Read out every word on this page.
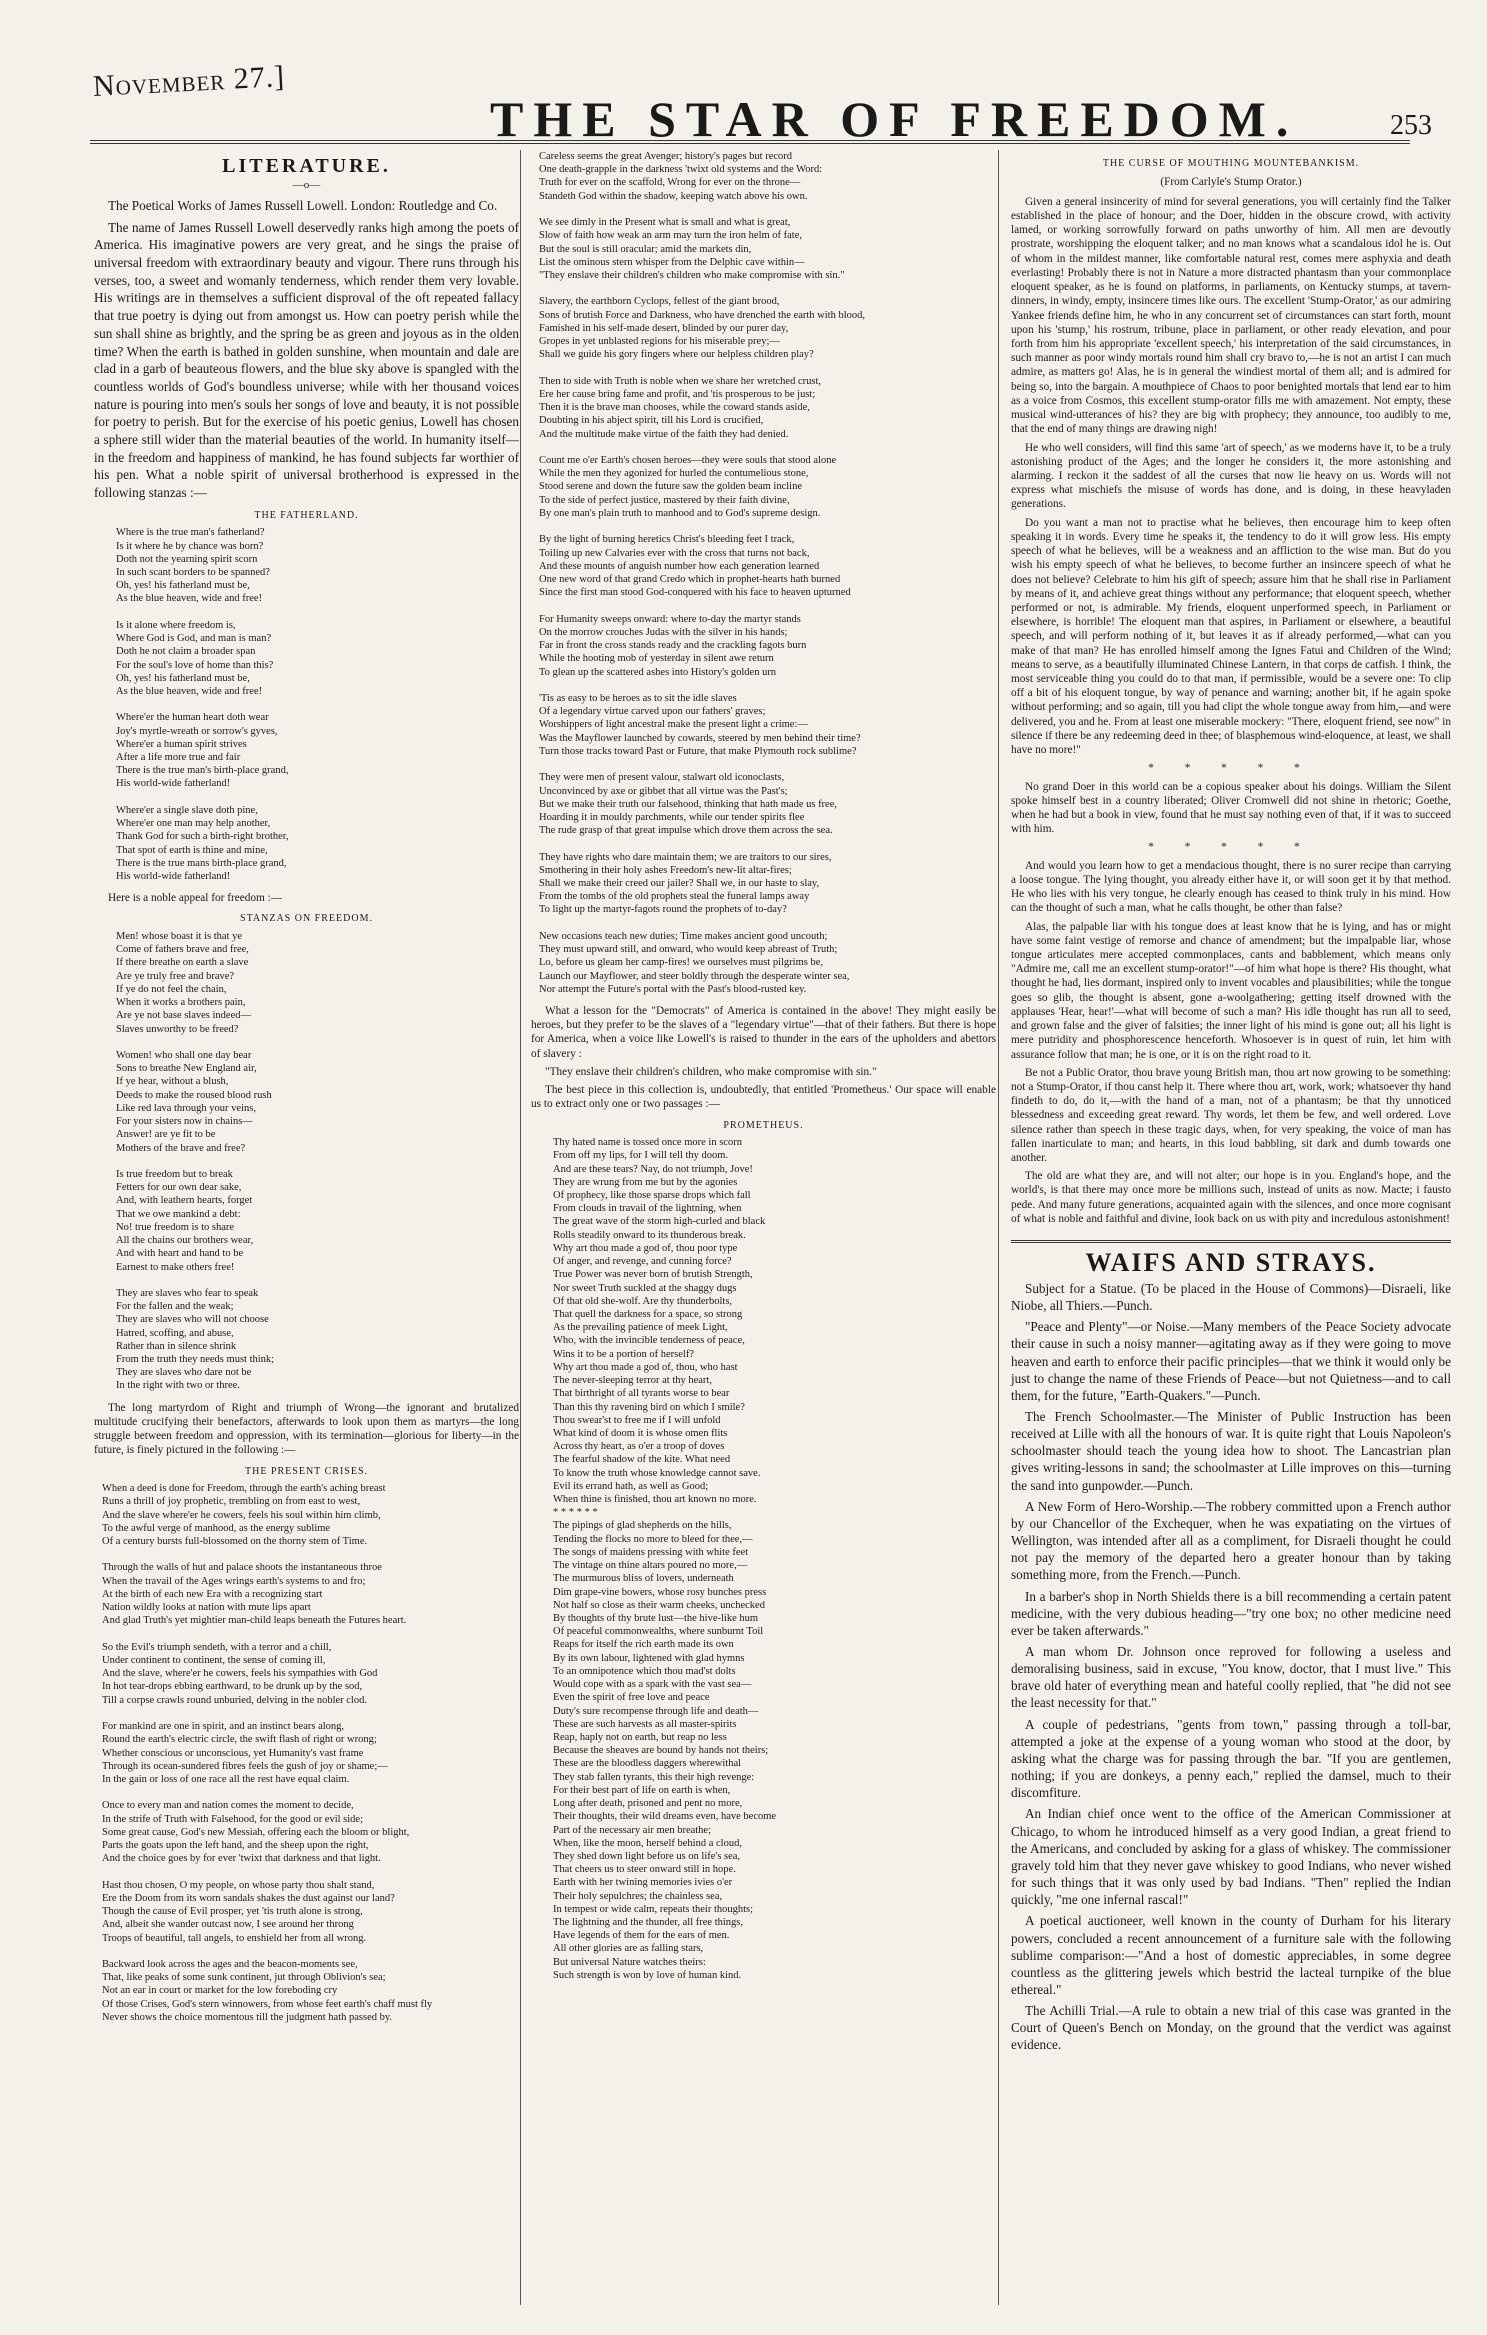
November 27.]
THE STAR OF FREEDOM.	253
LITERATURE.
—o—

The Poetical Works of James Russell Lowell. London: Routledge and Co.

The name of James Russell Lowell deservedly ranks high among the poets of America. His imaginative powers are very great, and he sings the praise of universal freedom with extraordinary beauty and vigour. There runs through his verses, too, a sweet and womanly tenderness, which render them very lovable. His writings are in themselves a sufficient disproval of the oft repeated fallacy that true poetry is dying out from amongst us. How can poetry perish while the sun shall shine as brightly, and the spring be as green and joyous as in the olden time? When the earth is bathed in golden sunshine, when mountain and dale are clad in a garb of beauteous flowers, and the blue sky above is spangled with the countless worlds of God's boundless universe; while with her thousand voices nature is pouring into men's souls her songs of love and beauty, it is not possible for poetry to perish. But for the exercise of his poetic genius, Lowell has chosen a sphere still wider than the material beauties of the world. In humanity itself—in the freedom and happiness of mankind, he has found subjects far worthier of his pen. What a noble spirit of universal brotherhood is expressed in the following stanzas :—

THE FATHERLAND.
Where is the true man's fatherland?
Is it where he by chance was born?
Doth not the yearning spirit scorn
In such scant borders to be spanned?
Oh, yes! his fatherland must be,
As the blue heaven, wide and free!

Is it alone where freedom is,
Where God is God, and man is man?
Doth he not claim a broader span
For the soul's love of home than this?
Oh, yes! his fatherland must be,
As the blue heaven, wide and free!

Where'er the human heart doth wear
Joy's myrtle-wreath or sorrow's gyves,
Where'er a human spirit strives
After a life more true and fair
There is the true man's birth-place grand,
His world-wide fatherland!

Where'er a single slave doth pine,
Where'er one man may help another,
Thank God for such a birth-right brother,
That spot of earth is thine and mine,
There is the true mans birth-place grand,
His world-wide fatherland!

Here is a noble appeal for freedom :—

STANZAS ON FREEDOM.
Men! whose boast it is that ye
Come of fathers brave and free,
If there breathe on earth a slave
Are ye truly free and brave?
If ye do not feel the chain,
When it works a brothers pain,
Are ye not base slaves indeed—
Slaves unworthy to be freed?

Women! who shall one day bear
Sons to breathe New England air,
If ye hear, without a blush,
Deeds to make the roused blood rush
Like red lava through your veins,
For your sisters now in chains—
Answer! are ye fit to be
Mothers of the brave and free?

Is true freedom but to break
Fetters for our own dear sake,
And, with leathern hearts, forget
That we owe mankind a debt:
No! true freedom is to share
All the chains our brothers wear,
And with heart and hand to be
Earnest to make others free!

They are slaves who fear to speak
For the fallen and the weak;
They are slaves who will not choose
Hatred, scoffing, and abuse,
Rather than in silence shrink
From the truth they needs must think;
They are slaves who dare not be
In the right with two or three.

The long martyrdom of Right and triumph of Wrong—the ignorant and brutalized multitude crucifying their benefactors, afterwards to look upon them as martyrs—the long struggle between freedom and oppression, with its termination—glorious for liberty—in the future, is finely pictured in the following :—

THE PRESENT CRISES.
When a deed is done for Freedom, through the earth's aching breast
Runs a thrill of joy prophetic, trembling on from east to west,
And the slave where'er he cowers, feels his soul within him climb,
To the awful verge of manhood, as the energy sublime
Of a century bursts full-blossomed on the thorny stem of Time.

Through the walls of hut and palace shoots the instantaneous throe
When the travail of the Ages wrings earth's systems to and fro;
At the birth of each new Era with a recognizing start
Nation wildly looks at nation with mute lips apart
And glad Truth's yet mightier man-child leaps beneath the Futures heart.

So the Evil's triumph sendeth, with a terror and a chill,
Under continent to continent, the sense of coming ill,
And the slave, where'er he cowers, feels his sympathies with God
In hot tear-drops ebbing earthward, to be drunk up by the sod,
Till a corpse crawls round unburied, delving in the nobler clod.

For mankind are one in spirit, and an instinct bears along,
Round the earth's electric circle, the swift flash of right or wrong;
Whether conscious or unconscious, yet Humanity's vast frame
Through its ocean-sundered fibres feels the gush of joy or shame;—
In the gain or loss of one race all the rest have equal claim.

Once to every man and nation comes the moment to decide,
In the strife of Truth with Falsehood, for the good or evil side;
Some great cause, God's new Messiah, offering each the bloom or blight,
Parts the goats upon the left hand, and the sheep upon the right,
And the choice goes by for ever 'twixt that darkness and that light.

Hast thou chosen, O my people, on whose party thou shalt stand,
Ere the Doom from its worn sandals shakes the dust against our land?
Though the cause of Evil prosper, yet 'tis truth alone is strong,
And, albeit she wander outcast now, I see around her throng
Troops of beautiful, tall angels, to enshield her from all wrong.

Backward look across the ages and the beacon-moments see,
That, like peaks of some sunk continent, jut through Oblivion's sea;
Not an ear in court or market for the low foreboding cry
Of those Crises, God's stern winnowers, from whose feet earth's chaff must fly
Never shows the choice momentous till the judgment hath passed by.
Careless seems the great Avenger; history's pages but record
One death-grapple in the darkness 'twixt old systems and the Word:
Truth for ever on the scaffold, Wrong for ever on the throne—
Standeth God within the shadow, keeping watch above his own.

We see dimly in the Present what is small and what is great,
Slow of faith how weak an arm may turn the iron helm of fate,
But the soul is still oracular; amid the markets din,
List the ominous stern whisper from the Delphic cave within—
"They enslave their children's children who make compromise with sin."

Slavery, the earthborn Cyclops, fellest of the giant brood,
Sons of brutish Force and Darkness, who have drenched the earth with blood,
Famished in his self-made desert, blinded by our purer day,
Gropes in yet unblasted regions for his miserable prey;—
Shall we guide his gory fingers where our helpless children play?

Then to side with Truth is noble when we share her wretched crust,
Ere her cause bring fame and profit, and 'tis prosperous to be just;
Then it is the brave man chooses, while the coward stands aside,
Doubting in his abject spirit, till his Lord is crucified,
And the multitude make virtue of the faith they had denied.

Count me o'er Earth's chosen heroes—they were souls that stood alone
While the men they agonized for hurled the contumelious stone,
Stood serene and down the future saw the golden beam incline
To the side of perfect justice, mastered by their faith divine,
By one man's plain truth to manhood and to God's supreme design.

By the light of burning heretics Christ's bleeding feet I track,
Toiling up new Calvaries ever with the cross that turns not back,
And these mounts of anguish number how each generation learned
One new word of that grand Credo which in prophet-hearts hath burned
Since the first man stood God-conquered with his face to heaven upturned

For Humanity sweeps onward: where to-day the martyr stands
On the morrow crouches Judas with the silver in his hands;
Far in front the cross stands ready and the crackling fagots burn
While the hooting mob of yesterday in silent awe return
To glean up the scattered ashes into History's golden urn

'Tis as easy to be heroes as to sit the idle slaves
Of a legendary virtue carved upon our fathers' graves;
Worshippers of light ancestral make the present light a crime:—
Was the Mayflower launched by cowards, steered by men behind their time?
Turn those tracks toward Past or Future, that make Plymouth rock sublime?

They were men of present valour, stalwart old iconoclasts,
Unconvinced by axe or gibbet that all virtue was the Past's;
But we make their truth our falsehood, thinking that hath made us free,
Hoarding it in mouldy parchments, while our tender spirits flee
The rude grasp of that great impulse which drove them across the sea.

They have rights who dare maintain them; we are traitors to our sires,
Smothering in their holy ashes Freedom's new-lit altar-fires;
Shall we make their creed our jailer? Shall we, in our haste to slay,
From the tombs of the old prophets steal the funeral lamps away
To light up the martyr-fagots round the prophets of to-day?

New occasions teach new duties; Time makes ancient good uncouth;
They must upward still, and onward, who would keep abreast of Truth;
Lo, before us gleam her camp-fires! we ourselves must pilgrims be,
Launch our Mayflower, and steer boldly through the desperate winter sea,
Nor attempt the Future's portal with the Past's blood-rusted key.

What a lesson for the "Democrats" of America is contained in the above! They might easily be heroes, but they prefer to be the slaves of a "legendary virtue"—that of their fathers. But there is hope for America, when a voice like Lowell's is raised to thunder in the ears of the upholders and abettors of slavery :

"They enslave their children's children, who make compromise with sin."

The best piece in this collection is, undoubtedly, that entitled 'Prometheus.' Our space will enable us to extract only one or two passages :—

PROMETHEUS.
Thy hated name is tossed once more in scorn
From off my lips, for I will tell thy doom.
And are these tears? Nay, do not triumph, Jove!
They are wrung from me but by the agonies
Of prophecy, like those sparse drops which fall
From clouds in travail of the lightning, when
The great wave of the storm high-curled and black
Rolls steadily onward to its thunderous break.
Why art thou made a god of, thou poor type
Of anger, and revenge, and cunning force?
True Power was never born of brutish Strength,
Nor sweet Truth suckled at the shaggy dugs
Of that old she-wolf. Are thy thunderbolts,
That quell the darkness for a space, so strong
As the prevailing patience of meek Light,
Who, with the invincible tenderness of peace,
Wins it to be a portion of herself?
Why art thou made a god of, thou, who hast
The never-sleeping terror at thy heart,
That birthright of all tyrants worse to bear
Than this thy ravening bird on which I smile?
Thou swear'st to free me if I will unfold
What kind of doom it is whose omen flits
Across thy heart, as o'er a troop of doves
The fearful shadow of the kite. What need
To know the truth whose knowledge cannot save.
Evil its errand hath, as well as Good;
When thine is finished, thou art known no more.
* * * * * *
The pipings of glad shepherds on the hills,
Tending the flocks no more to bleed for thee,—
The songs of maidens pressing with white feet
The vintage on thine altars poured no more,—
The murmurous bliss of lovers, underneath
Dim grape-vine bowers, whose rosy bunches press
Not half so close as their warm cheeks, unchecked
By thoughts of thy brute lust—the hive-like hum
Of peaceful commonwealths, where sunburnt Toil
Reaps for itself the rich earth made its own
By its own labour, lightened with glad hymns
To an omnipotence which thou mad'st dolts
Would cope with as a spark with the vast sea—
Even the spirit of free love and peace
Duty's sure recompense through life and death—
These are such harvests as all master-spirits
Reap, haply not on earth, but reap no less
Because the sheaves are bound by hands not theirs;
These are the bloodless daggers wherewithal
They stab fallen tyrants, this their high revenge:
For their best part of life on earth is when,
Long after death, prisoned and pent no more,
Their thoughts, their wild dreams even, have become
Part of the necessary air men breathe;
When, like the moon, herself behind a cloud,
They shed down light before us on life's sea,
That cheers us to steer onward still in hope.
Earth with her twining memories ivies o'er
Their holy sepulchres; the chainless sea,
In tempest or wide calm, repeats their thoughts;
The lightning and the thunder, all free things,
Have legends of them for the ears of men.
All other glories are as falling stars,
But universal Nature watches theirs:
Such strength is won by love of human kind.
THE CURSE OF MOUTHING MOUNTEBANKISM.
(From Carlyle's Stump Orator.)

Given a general insincerity of mind for several generations, you will certainly find the Talker established in the place of honour; and the Doer, hidden in the obscure crowd, with activity lamed, or working sorrowfully forward on paths unworthy of him. All men are devoutly prostrate, worshipping the eloquent talker; and no man knows what a scandalous idol he is. Out of whom in the mildest manner, like comfortable natural rest, comes mere asphyxia and death everlasting! Probably there is not in Nature a more distracted phantasm than your commonplace eloquent speaker, as he is found on platforms, in parliaments, on Kentucky stumps, at tavern-dinners, in windy, empty, insincere times like ours. The excellent 'Stump-Orator,' as our admiring Yankee friends define him, he who in any concurrent set of circumstances can start forth, mount upon his 'stump,' his rostrum, tribune, place in parliament, or other ready elevation, and pour forth from him his appropriate 'excellent speech,' his interpretation of the said circumstances, in such manner as poor windy mortals round him shall cry bravo to,—he is not an artist I can much admire, as matters go! Alas, he is in general the windiest mortal of them all; and is admired for being so, into the bargain. A mouthpiece of Chaos to poor benighted mortals that lend ear to him as a voice from Cosmos, this excellent stump-orator fills me with amazement. Not empty, these musical wind-utterances of his? they are big with prophecy; they announce, too audibly to me, that the end of many things are drawing nigh!

He who well considers, will find this same 'art of speech,' as we moderns have it, to be a truly astonishing product of the Ages; and the longer he considers it, the more astonishing and alarming. I reckon it the saddest of all the curses that now lie heavy on us. Words will not express what mischiefs the misuse of words has done, and is doing, in these heavyladen generations.

Do you want a man not to practise what he believes, then encourage him to keep often speaking it in words. Every time he speaks it, the tendency to do it will grow less. His empty speech of what he believes, will be a weakness and an affliction to the wise man. But do you wish his empty speech of what he believes, to become further an insincere speech of what he does not believe? Celebrate to him his gift of speech; assure him that he shall rise in Parliament by means of it, and achieve great things without any performance; that eloquent speech, whether performed or not, is admirable. My friends, eloquent unperformed speech, in Parliament or elsewhere, is horrible! The eloquent man that aspires, in Parliament or elsewhere, a beautiful speech, and will perform nothing of it, but leaves it as if already performed,—what can you make of that man? He has enrolled himself among the Ignes Fatui and Children of the Wind; means to serve, as a beautifully illuminated Chinese Lantern, in that corps de catfish. I think, the most serviceable thing you could do to that man, if permissible, would be a severe one: To clip off a bit of his eloquent tongue, by way of penance and warning; another bit, if he again spoke without performing; and so again, till you had clipt the whole tongue away from him,—and were delivered, you and he. From at least one miserable mockery: "There, eloquent friend, see now" in silence if there be any redeeming deed in thee; of blasphemous wind-eloquence, at least, we shall have no more!"

* * * * *

No grand Doer in this world can be a copious speaker about his doings. William the Silent spoke himself best in a country liberated; Oliver Cromwell did not shine in rhetoric; Goethe, when he had but a book in view, found that he must say nothing even of that, if it was to succeed with him.

* * * * *

And would you learn how to get a mendacious thought, there is no surer recipe than carrying a loose tongue. The lying thought, you already either have it, or will soon get it by that method. He who lies with his very tongue, he clearly enough has ceased to think truly in his mind. How can the thought of such a man, what he calls thought, be other than false?

Alas, the palpable liar with his tongue does at least know that he is lying, and has or might have some faint vestige of remorse and chance of amendment; but the impalpable liar, whose tongue articulates mere accepted commonplaces, cants and babblement, which means only "Admire me, call me an excellent stump-orator!"—of him what hope is there? His thought, what thought he had, lies dormant, inspired only to invent vocables and plausibilities; while the tongue goes so glib, the thought is absent, gone a-woolgathering; getting itself drowned with the applauses 'Hear, hear!'—what will become of such a man? His idle thought has run all to seed, and grown false and the giver of falsities; the inner light of his mind is gone out; all his light is mere putridity and phosphorescence henceforth. Whosoever is in quest of ruin, let him with assurance follow that man; he is one, or it is on the right road to it.

Be not a Public Orator, thou brave young British man, thou art now growing to be something: not a Stump-Orator, if thou canst help it. There where thou art, work, work; whatsoever thy hand findeth to do, do it,—with the hand of a man, not of a phantasm; be that thy unnoticed blessedness and exceeding great reward. Thy words, let them be few, and well ordered. Love silence rather than speech in these tragic days, when, for very speaking, the voice of man has fallen inarticulate to man; and hearts, in this loud babbling, sit dark and dumb towards one another.

The old are what they are, and will not alter; our hope is in you. England's hope, and the world's, is that there may once more be millions such, instead of units as now. Macte; i fausto pede. And many future generations, acquainted again with the silences, and once more cognisant of what is noble and faithful and divine, look back on us with pity and incredulous astonishment!

WAIFS AND STRAYS.

Subject for a Statue. (To be placed in the House of Commons)—Disraeli, like Niobe, all Thiers.—Punch.

"Peace and Plenty"—or Noise.—Many members of the Peace Society advocate their cause in such a noisy manner—agitating away as if they were going to move heaven and earth to enforce their pacific principles—that we think it would only be just to change the name of these Friends of Peace—but not Quietness—and to call them, for the future, "Earth-Quakers."—Punch.

The French Schoolmaster.—The Minister of Public Instruction has been received at Lille with all the honours of war. It is quite right that Louis Napoleon's schoolmaster should teach the young idea how to shoot. The Lancastrian plan gives writing-lessons in sand; the schoolmaster at Lille improves on this—turning the sand into gunpowder.—Punch.

A New Form of Hero-Worship.—The robbery committed upon a French author by our Chancellor of the Exchequer, when he was expatiating on the virtues of Wellington, was intended after all as a compliment, for Disraeli thought he could not pay the memory of the departed hero a greater honour than by taking something more, from the French.—Punch.

In a barber's shop in North Shields there is a bill recommending a certain patent medicine, with the very dubious heading—"try one box; no other medicine need ever be taken afterwards."

A man whom Dr. Johnson once reproved for following a useless and demoralising business, said in excuse, "You know, doctor, that I must live." This brave old hater of everything mean and hateful coolly replied, that "he did not see the least necessity for that."

A couple of pedestrians, "gents from town," passing through a toll-bar, attempted a joke at the expense of a young woman who stood at the door, by asking what the charge was for passing through the bar. "If you are gentlemen, nothing; if you are donkeys, a penny each," replied the damsel, much to their discomfiture.

An Indian chief once went to the office of the American Commissioner at Chicago, to whom he introduced himself as a very good Indian, a great friend to the Americans, and concluded by asking for a glass of whiskey. The commissioner gravely told him that they never gave whiskey to good Indians, who never wished for such things that it was only used by bad Indians. "Then" replied the Indian quickly, "me one infernal rascal!"

A poetical auctioneer, well known in the county of Durham for his literary powers, concluded a recent announcement of a furniture sale with the following sublime comparison:—"And a host of domestic appreciables, in some degree countless as the glittering jewels which bestrid the lacteal turnpike of the blue ethereal."

The Achilli Trial.—A rule to obtain a new trial of this case was granted in the Court of Queen's Bench on Monday, on the ground that the verdict was against evidence.
